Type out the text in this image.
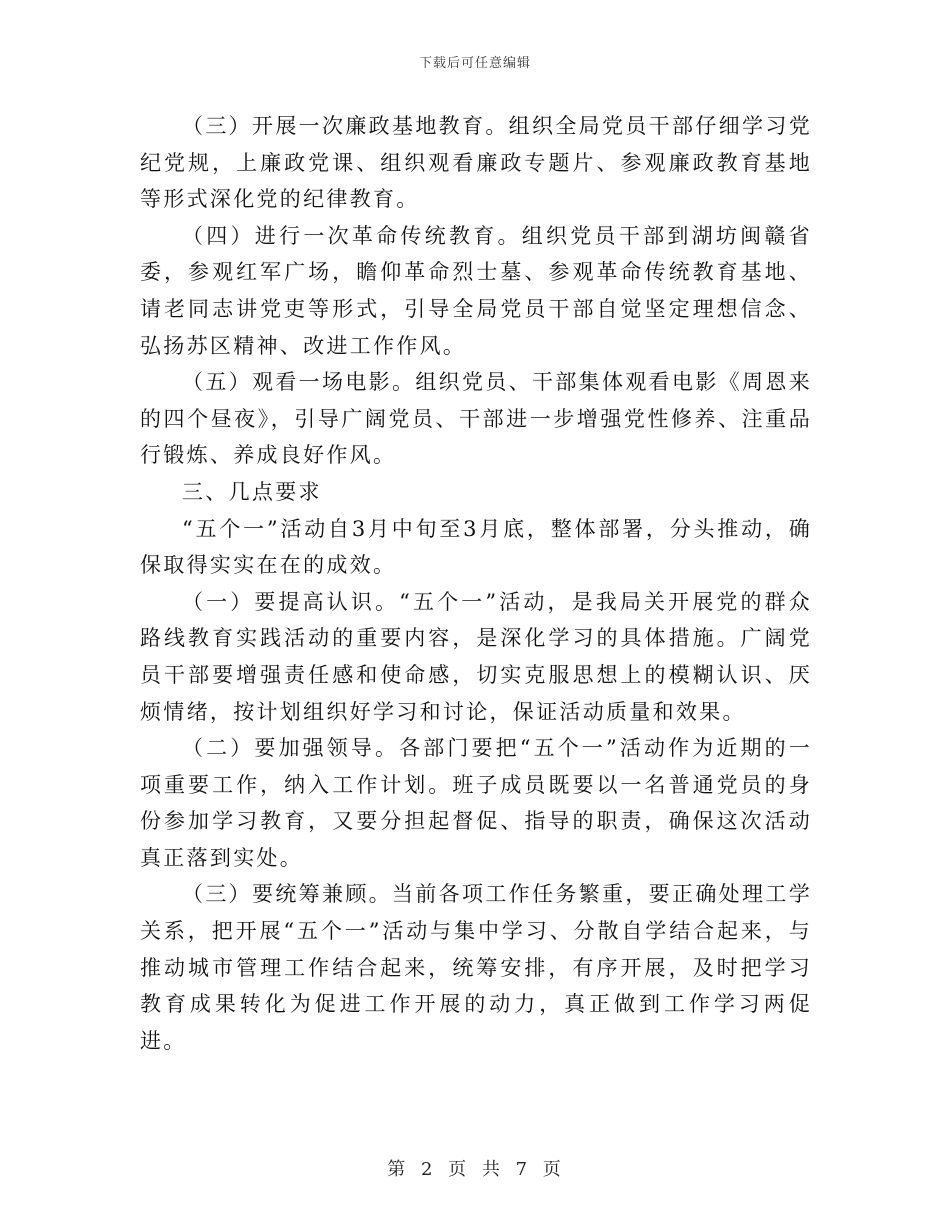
下载后可任意编辑

（三）开展一次廉政基地教育。组织全局党员干部仔细学习党纪党规，上廉政党课、组织观看廉政专题片、参观廉政教育基地等形式深化党的纪律教育。

（四）进行一次革命传统教育。组织党员干部到湖坊闽赣省委，参观红军广场，瞻仰革命烈士墓、参观革命传统教育基地、请老同志讲党吏等形式，引导全局党员干部自觉坚定理想信念、弘扬苏区精神、改进工作作风。

（五）观看一场电影。组织党员、干部集体观看电影《周恩来的四个昼夜》，引导广阔党员、干部进一步增强党性修养、注重品行锻炼、养成良好作风。

三、几点要求

“五个一”活动自3月中旬至3月底，整体部署，分头推动，确保取得实实在在的成效。

（一）要提高认识。“五个一”活动，是我局关开展党的群众路线教育实践活动的重要内容，是深化学习的具体措施。广阔党员干部要增强责任感和使命感，切实克服思想上的模糊认识、厌烦情绪，按计划组织好学习和讨论，保证活动质量和效果。

（二）要加强领导。各部门要把“五个一”活动作为近期的一项重要工作，纳入工作计划。班子成员既要以一名普通党员的身份参加学习教育，又要分担起督促、指导的职责，确保这次活动真正落到实处。

（三）要统筹兼顾。当前各项工作任务繁重，要正确处理工学关系，把开展“五个一”活动与集中学习、分散自学结合起来，与推动城市管理工作结合起来，统筹安排，有序开展，及时把学习教育成果转化为促进工作开展的动力，真正做到工作学习两促进。

第 2 页 共 7 页
